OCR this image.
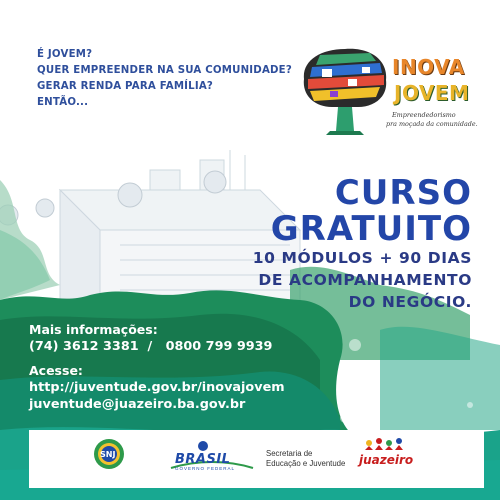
É JOVEM?
QUER EMPREENDER NA SUA COMUNIDADE?
GERAR RENDA PARA FAMÍLIA?
ENTÃO...
INOVA
JOVEM
Empreendedorismo
pra moçada da comunidade.
CURSO
GRATUITO
10 MÓDULOS + 90 DIAS
DE ACOMPANHAMENTO
DO NEGÓCIO.
Mais informações:
(74) 3612 3381  /   0800 799 9939
Acesse:
http://juventude.gov.br/inovajovem
juventude@juazeiro.ba.gov.br
SNJ	BRASIL
GOVERNO FEDERAL
Secretaria de
Educação e Juventude juazeiro
